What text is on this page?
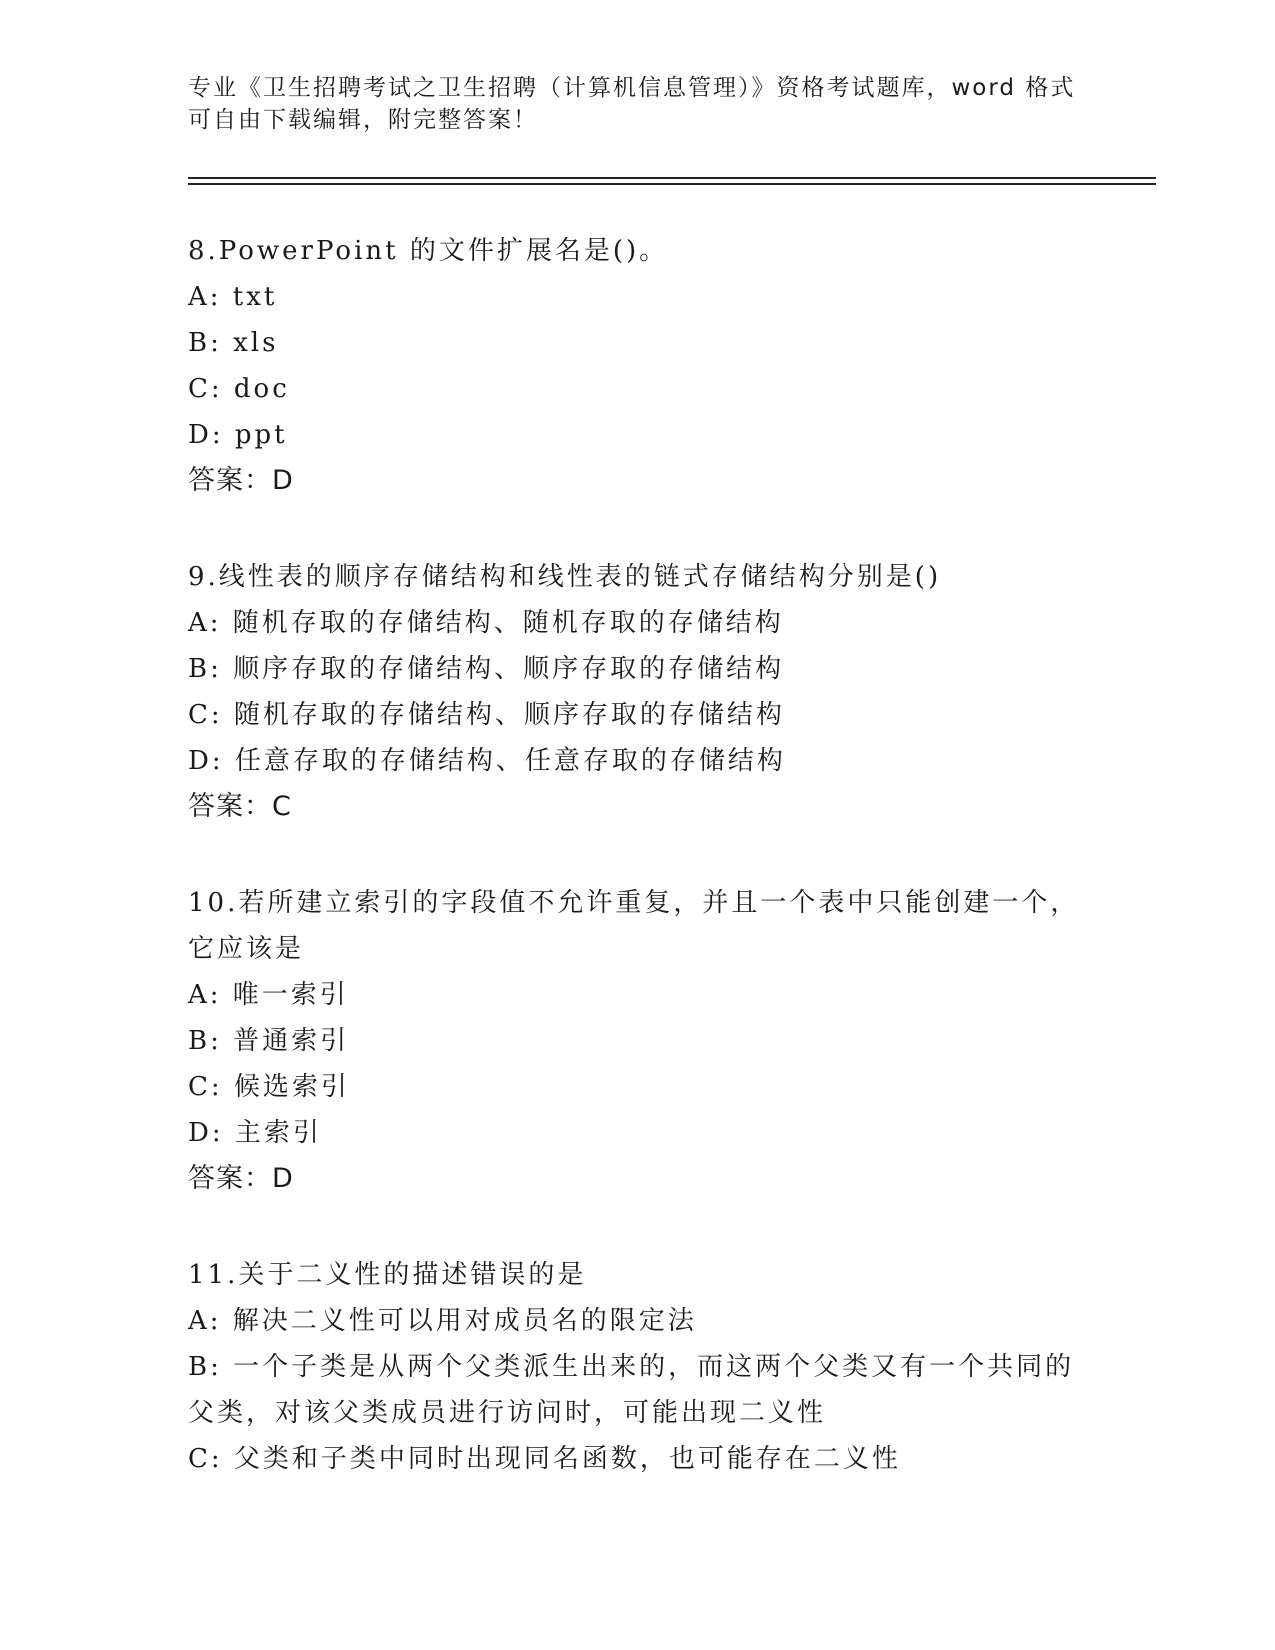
专业《卫生招聘考试之卫生招聘（计算机信息管理）》资格考试题库，word 格式
可自由下载编辑，附完整答案！
8.PowerPoint 的文件扩展名是()。
A: txt
B: xls
C: doc
D: ppt
答案：D
9.线性表的顺序存储结构和线性表的链式存储结构分别是()
A: 随机存取的存储结构、随机存取的存储结构
B: 顺序存取的存储结构、顺序存取的存储结构
C: 随机存取的存储结构、顺序存取的存储结构
D: 任意存取的存储结构、任意存取的存储结构
答案：C
10.若所建立索引的字段值不允许重复，并且一个表中只能创建一个，
它应该是
A: 唯一索引
B: 普通索引
C: 候选索引
D: 主索引
答案：D
11.关于二义性的描述错误的是
A: 解决二义性可以用对成员名的限定法
B: 一个子类是从两个父类派生出来的，而这两个父类又有一个共同的
父类，对该父类成员进行访问时，可能出现二义性
C: 父类和子类中同时出现同名函数，也可能存在二义性
